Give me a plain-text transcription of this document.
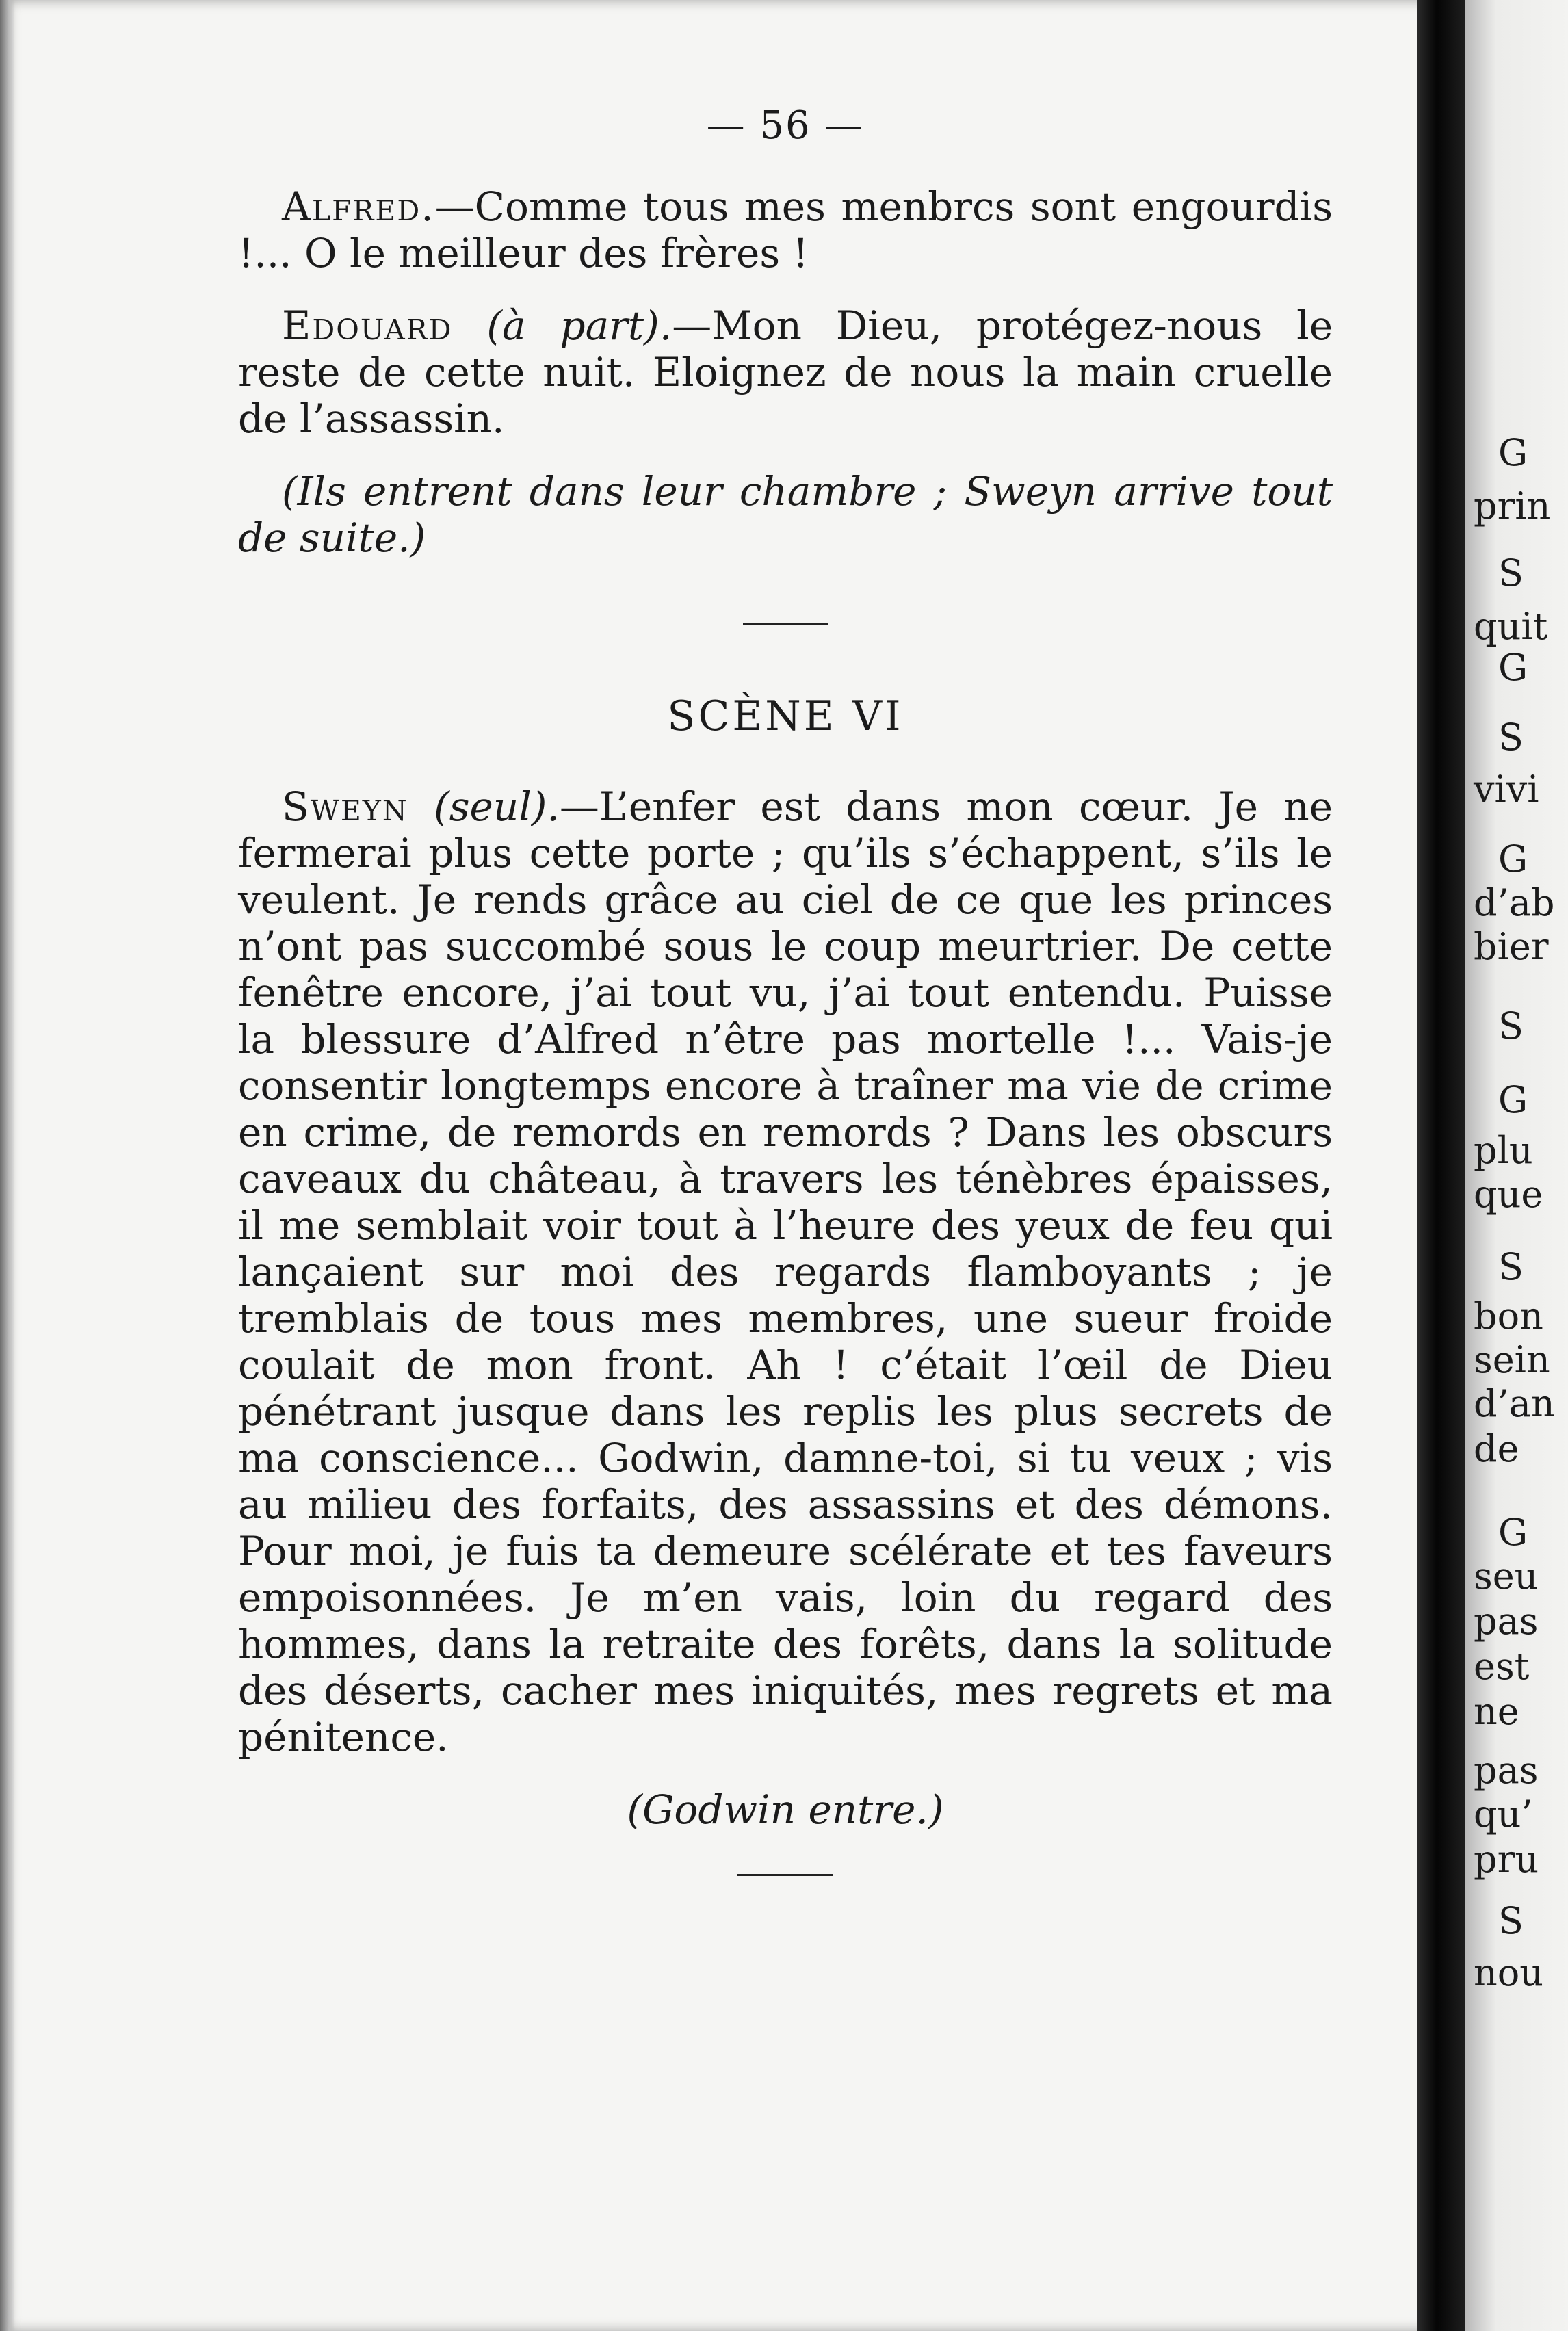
— 56 —

Alfred.—Comme tous mes menbrcs sont engourdis !... O le meilleur des frères !

Edouard (à part).—Mon Dieu, protégez-nous le reste de cette nuit. Eloignez de nous la main cruelle de l’assassin.

(Ils entrent dans leur chambre ; Sweyn arrive tout de suite.)

SCÈNE VI

Sweyn (seul).—L’enfer est dans mon cœur. Je ne fermerai plus cette porte ; qu’ils s’échappent, s’ils le veulent. Je rends grâce au ciel de ce que les princes n’ont pas succombé sous le coup meurtrier. De cette fenêtre encore, j’ai tout vu, j’ai tout entendu. Puisse la blessure d’Alfred n’être pas mortelle !... Vais-je consentir longtemps encore à traîner ma vie de crime en crime, de remords en remords ? Dans les obscurs caveaux du château, à travers les ténèbres épaisses, il me semblait voir tout à l’heure des yeux de feu qui lançaient sur moi des regards flamboyants ; je tremblais de tous mes membres, une sueur froide coulait de mon front. Ah ! c’était l’œil de Dieu pénétrant jusque dans les replis les plus secrets de ma conscience... Godwin, damne-toi, si tu veux ; vis au milieu des forfaits, des assassins et des démons. Pour moi, je fuis ta demeure scélérate et tes faveurs empoisonnées. Je m’en vais, loin du regard des hommes, dans la retraite des forêts, dans la solitude des déserts, cacher mes iniquités, mes regrets et ma pénitence.

(Godwin entre.)

G
prin
S
quit
G
S
vivi
G
d’ab
bier
S
G
plu
que
S
bon
sein
d’an
de
G
seu
pas
est
ne
pas
qu’
pru
S
nou
